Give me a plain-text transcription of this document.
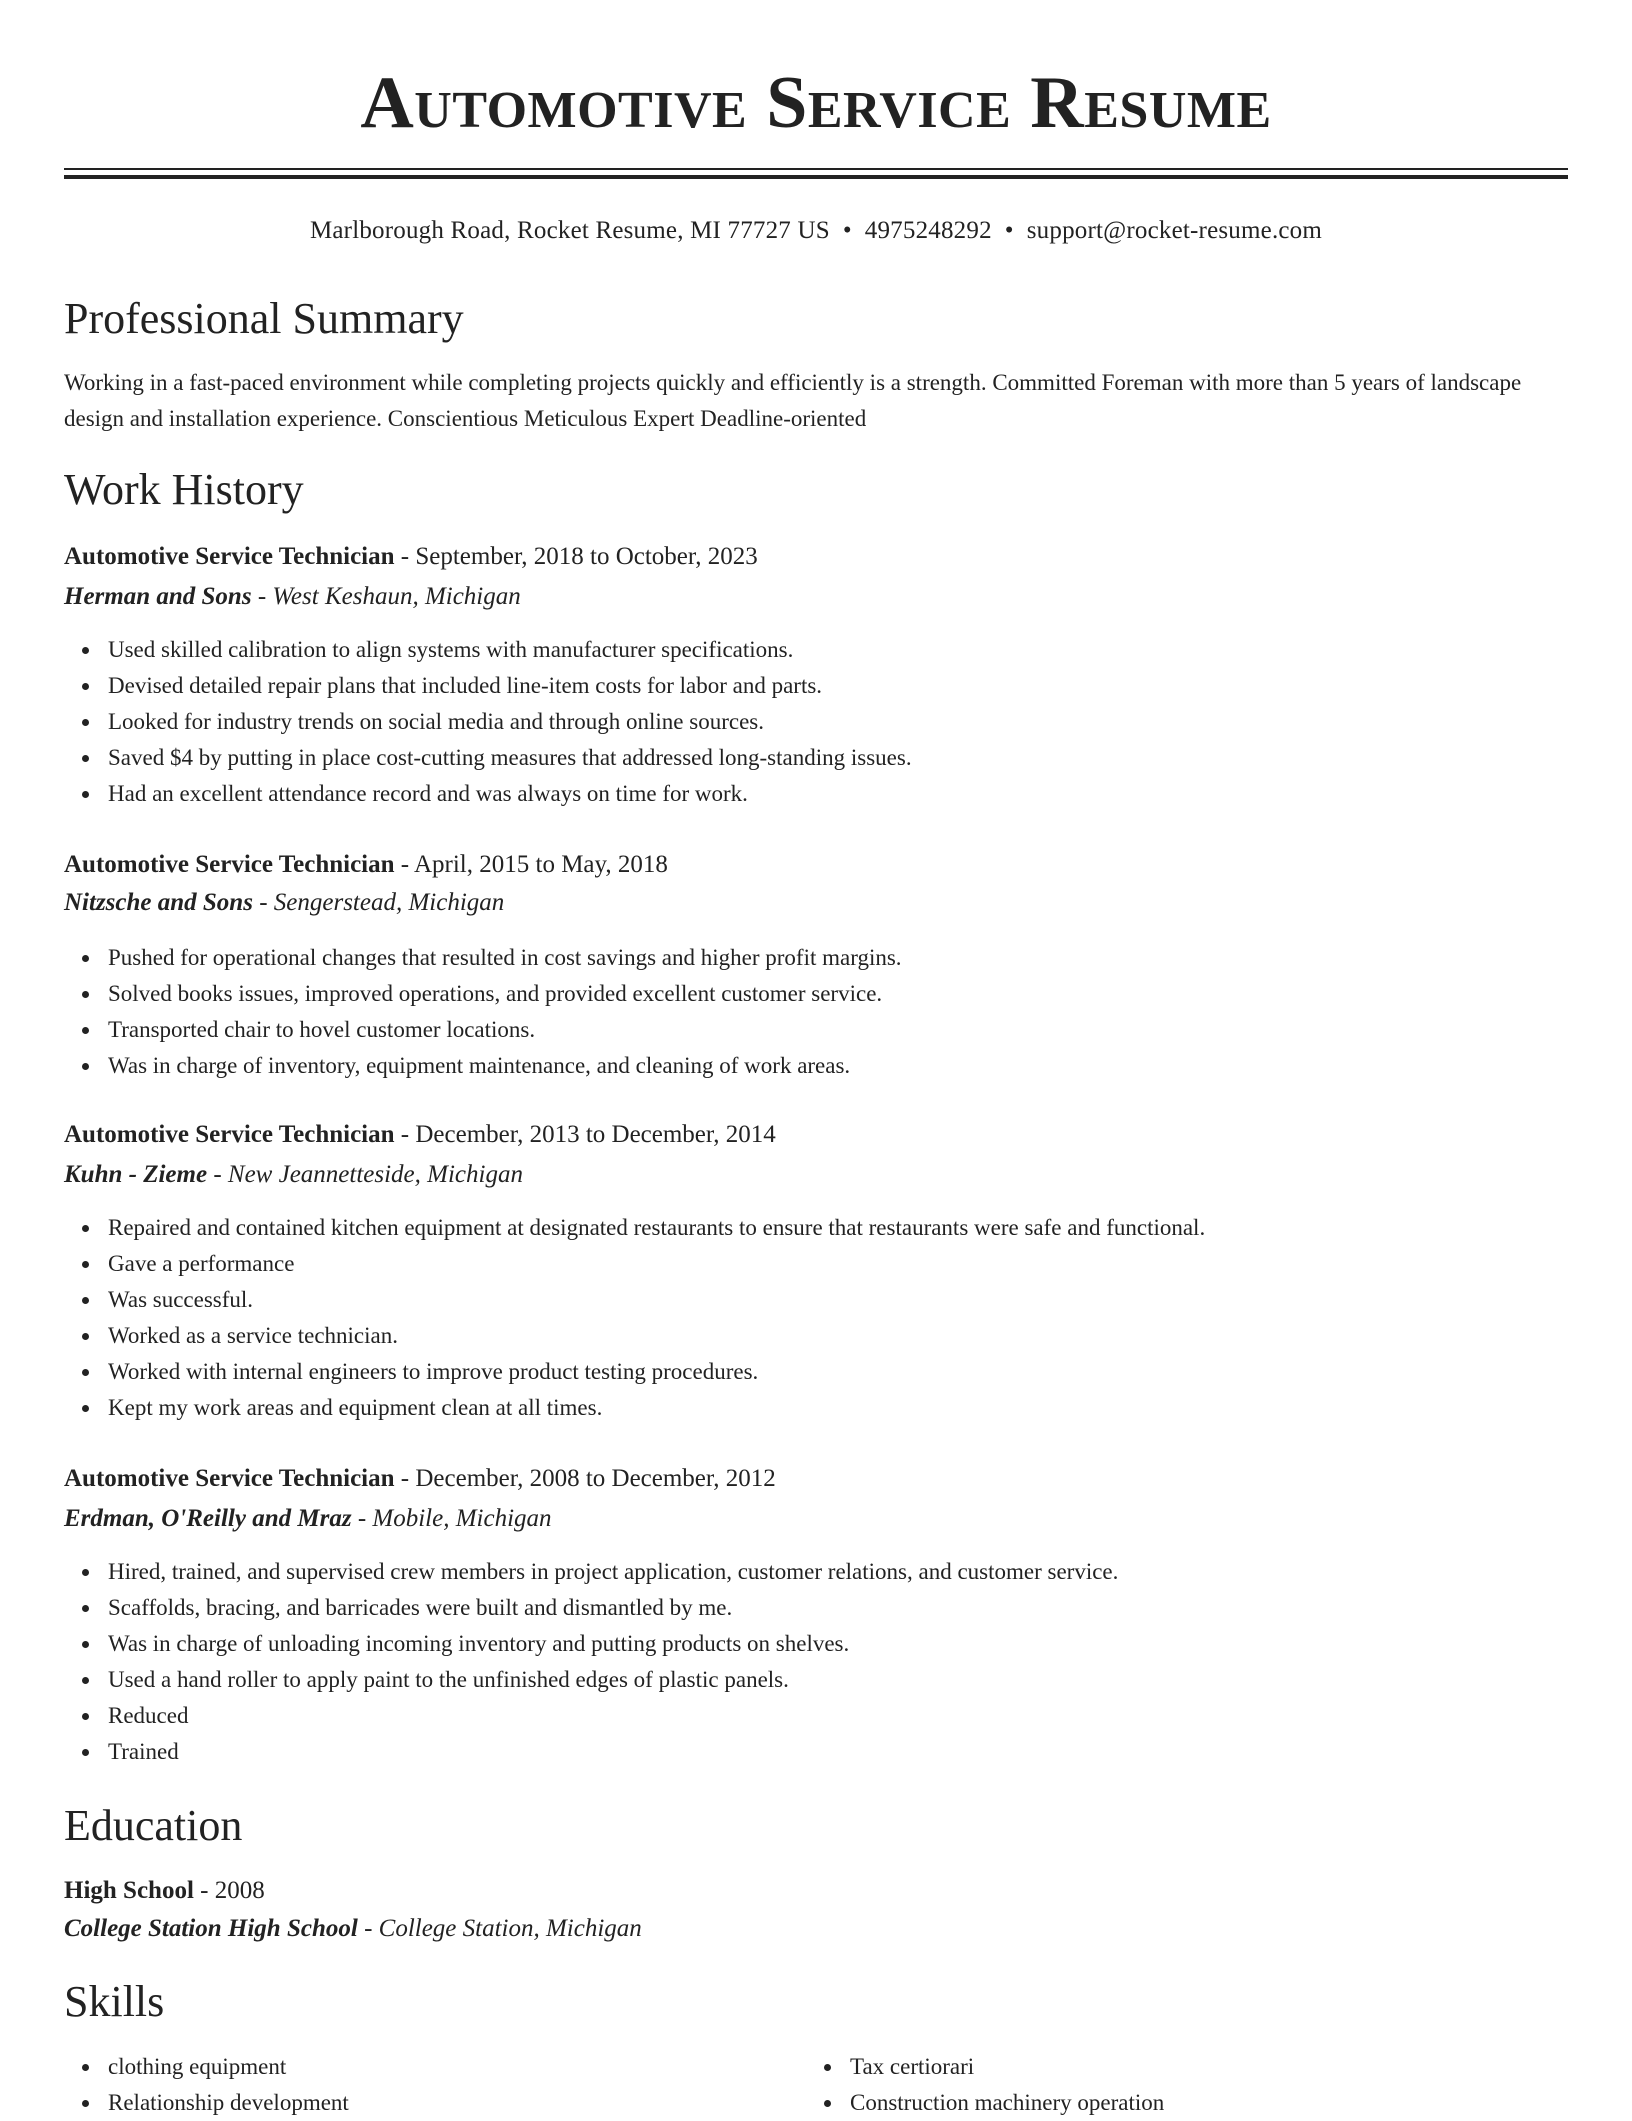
Automotive Service Resume
Marlborough Road, Rocket Resume, MI 77727 US • 4975248292 • support@rocket-resume.com
Professional Summary

Working in a fast-paced environment while completing projects quickly and efficiently is a strength. Committed Foreman with more than 5 years of landscape design and installation experience. Conscientious Meticulous Expert Deadline-oriented

Work History
Automotive Service Technician - September, 2018 to October, 2023
Herman and Sons - West Keshaun, Michigan
Used skilled calibration to align systems with manufacturer specifications.
Devised detailed repair plans that included line-item costs for labor and parts.
Looked for industry trends on social media and through online sources.
Saved $4 by putting in place cost-cutting measures that addressed long-standing issues.
Had an excellent attendance record and was always on time for work.
Automotive Service Technician - April, 2015 to May, 2018
Nitzsche and Sons - Sengerstead, Michigan
Pushed for operational changes that resulted in cost savings and higher profit margins.
Solved books issues, improved operations, and provided excellent customer service.
Transported chair to hovel customer locations.
Was in charge of inventory, equipment maintenance, and cleaning of work areas.
Automotive Service Technician - December, 2013 to December, 2014
Kuhn - Zieme - New Jeannetteside, Michigan
Repaired and contained kitchen equipment at designated restaurants to ensure that restaurants were safe and functional.
Gave a performance
Was successful.
Worked as a service technician.
Worked with internal engineers to improve product testing procedures.
Kept my work areas and equipment clean at all times.
Automotive Service Technician - December, 2008 to December, 2012
Erdman, O'Reilly and Mraz - Mobile, Michigan
Hired, trained, and supervised crew members in project application, customer relations, and customer service.
Scaffolds, bracing, and barricades were built and dismantled by me.
Was in charge of unloading incoming inventory and putting products on shelves.
Used a hand roller to apply paint to the unfinished edges of plastic panels.
Reduced
Trained
Education
High School - 2008
College Station High School - College Station, Michigan
Skills
clothing equipment
Relationship development
Tax certiorari
Construction machinery operation
